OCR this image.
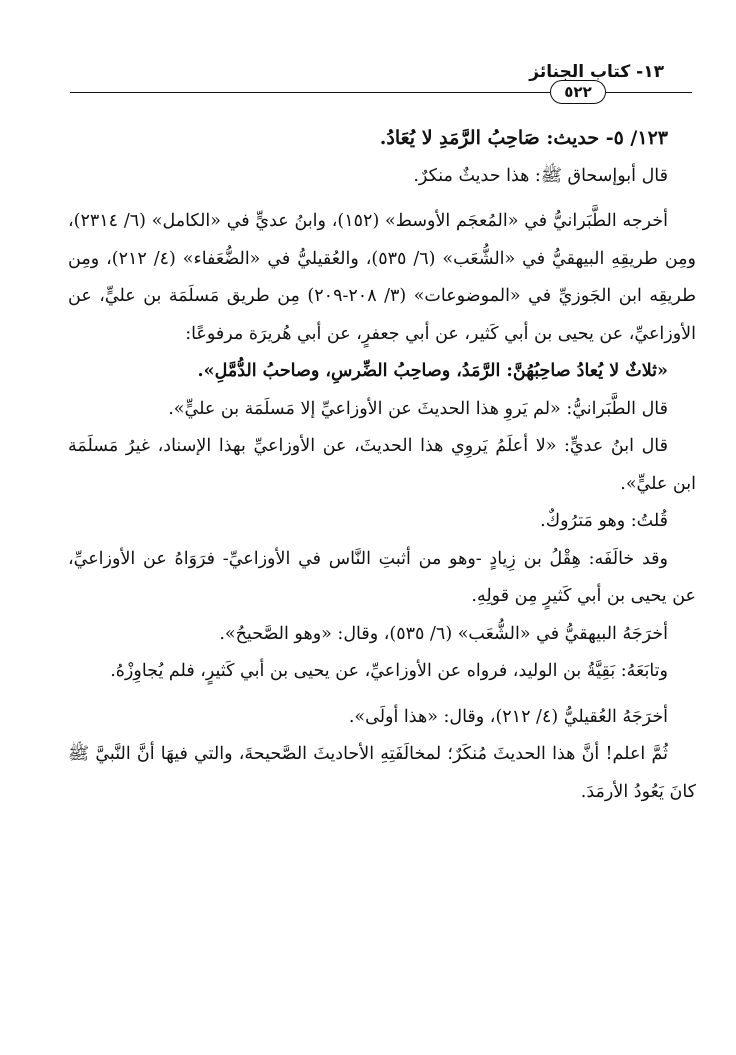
١٣- كتاب الجنائز
٥٢٢

١٢٣/ ٥- حديث: صَاحِبُ الرَّمَدِ لا يُعَادُ.

قال أبوإسحاق ﷺ: هذا حديثٌ منكرٌ.

أخرجه الطَّبَرانيُّ في «المُعجَم الأوسط» (١٥٢)، وابنُ عديٍّ في «الكامل» (٦/ ٢٣١٤)، ومِن طريقِهِ البيهقيُّ في «الشُّعَب» (٦/ ٥٣٥)، والعُقيليُّ في «الضُّعَفاء» (٤/ ٢١٢)، ومِن طريقِه ابن الجَوزيِّ في «الموضوعات» (٣/ ٢٠٨-٢٠٩) مِن طريق مَسلَمَة بن عليٍّ، عن الأوزاعيِّ، عن يحيى بن أبي كَثير، عن أبي جعفرٍ، عن أبي هُريرَة مرفوعًا:

«ثلاثٌ لا يُعادُ صاحِبُهُنَّ: الرَّمَدُ، وصاحِبُ الضِّرسِ، وصاحبُ الدُّمَّلِ».

قال الطَّبَرانيُّ: «لم يَروِ هذا الحديثَ عن الأوزاعيِّ إلا مَسلَمَة بن عليٍّ».

قال ابنُ عديٍّ: «لا أعلَمُ يَروِي هذا الحديثَ، عن الأوزاعيِّ بهذا الإسناد، غيرُ مَسلَمَة ابن عليٍّ».

قُلتُ: وهو مَترُوكٌ.

وقد خالَفَه: هِقْلُ بن زِيادٍ -وهو من أثبتِ النَّاس في الأوزاعيِّ- فرَوَاهُ عن الأوزاعيِّ، عن يحيى بن أبي كَثيرٍ مِن قولِهِ.

أخرَجَهُ البيهقيُّ في «الشُّعَب» (٦/ ٥٣٥)، وقال: «وهو الصَّحيحُ».

وتابَعَهُ: بَقِيَّةُ بن الوليد، فرواه عن الأوزاعيِّ، عن يحيى بن أبي كَثيرٍ، فلم يُجاوِزْهُ.

أخرَجَهُ العُقيليُّ (٤/ ٢١٢)، وقال: «هذا أولَى».

ثُمَّ اعلم! أنَّ هذا الحديثَ مُنكَرٌ؛ لمخالَفَتِهِ الأحاديثَ الصَّحيحةَ، والتي فيهَا أنَّ النَّبيَّ ﷺ كانَ يَعُودُ الأرمَدَ.
